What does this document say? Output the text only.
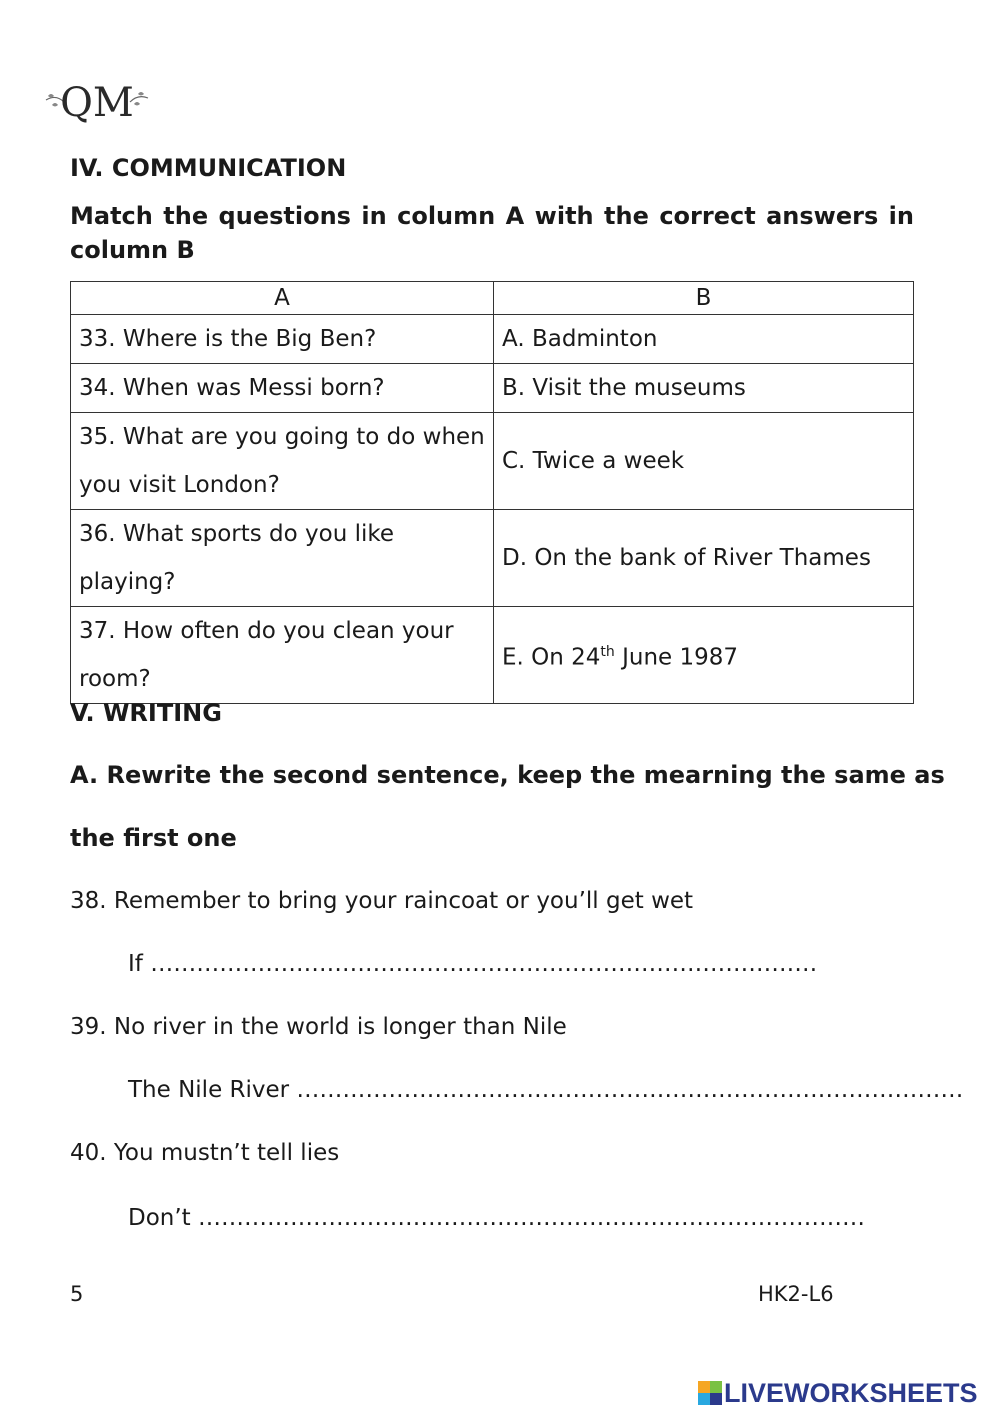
QM
IV. COMMUNICATION

Match the questions in column A with the correct answers in column B

A	B
33. Where is the Big Ben?	A. Badminton
34. When was Messi born?	B. Visit the museums
35. What are you going to do when you visit London?	C. Twice a week
36. What sports do you like playing?	D. On the bank of River Thames
37. How often do you clean your room?	E. On 24th June 1987
V. WRITING

A. Rewrite the second sentence, keep the mearning the same as

the first one

38. Remember to bring your raincoat or you’ll get wet

If ……………………………………………………………………………

39. No river in the world is longer than Nile

The Nile River ……………………………………………………………………………

40. You mustn’t tell lies

Don’t ……………………………………………………………………………

5	HK2-L6

LIVEWORKSHEETS
